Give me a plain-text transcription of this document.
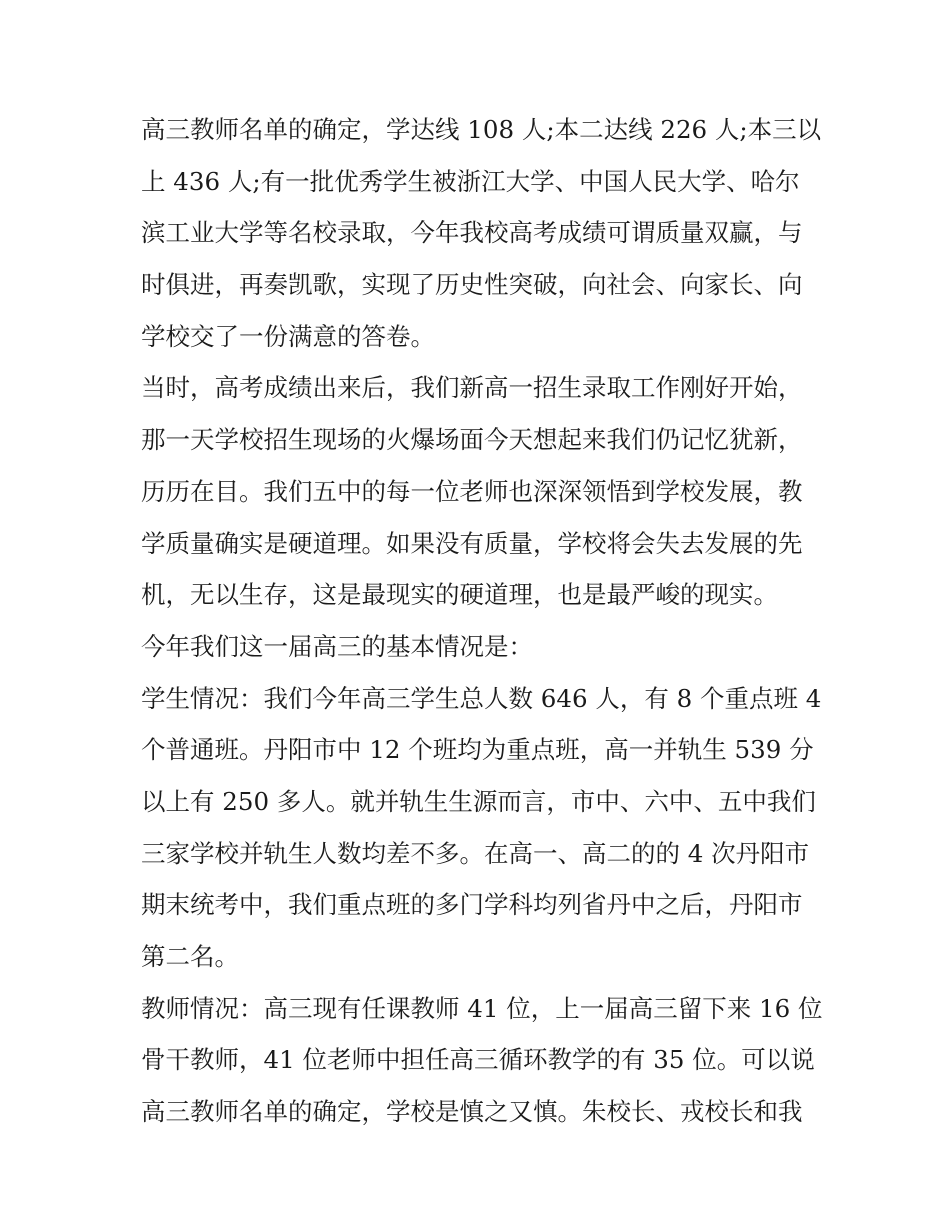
高三教师名单的确定，学达线 108 人;本二达线 226 人;本三以
上 436 人;有一批优秀学生被浙江大学、中国人民大学、哈尔
滨工业大学等名校录取，今年我校高考成绩可谓质量双赢，与
时俱进，再奏凯歌，实现了历史性突破，向社会、向家长、向
学校交了一份满意的答卷。
当时，高考成绩出来后，我们新高一招生录取工作刚好开始，
那一天学校招生现场的火爆场面今天想起来我们仍记忆犹新，
历历在目。我们五中的每一位老师也深深领悟到学校发展，教
学质量确实是硬道理。如果没有质量，学校将会失去发展的先
机，无以生存，这是最现实的硬道理，也是最严峻的现实。
今年我们这一届高三的基本情况是：
学生情况：我们今年高三学生总人数 646 人，有 8 个重点班 4
个普通班。丹阳市中 12 个班均为重点班，高一并轨生 539 分
以上有 250 多人。就并轨生生源而言，市中、六中、五中我们
三家学校并轨生人数均差不多。在高一、高二的的 4 次丹阳市
期末统考中，我们重点班的多门学科均列省丹中之后，丹阳市
第二名。
教师情况：高三现有任课教师 41 位，上一届高三留下来 16 位
骨干教师，41 位老师中担任高三循环教学的有 35 位。可以说
高三教师名单的确定，学校是慎之又慎。朱校长、戎校长和我
